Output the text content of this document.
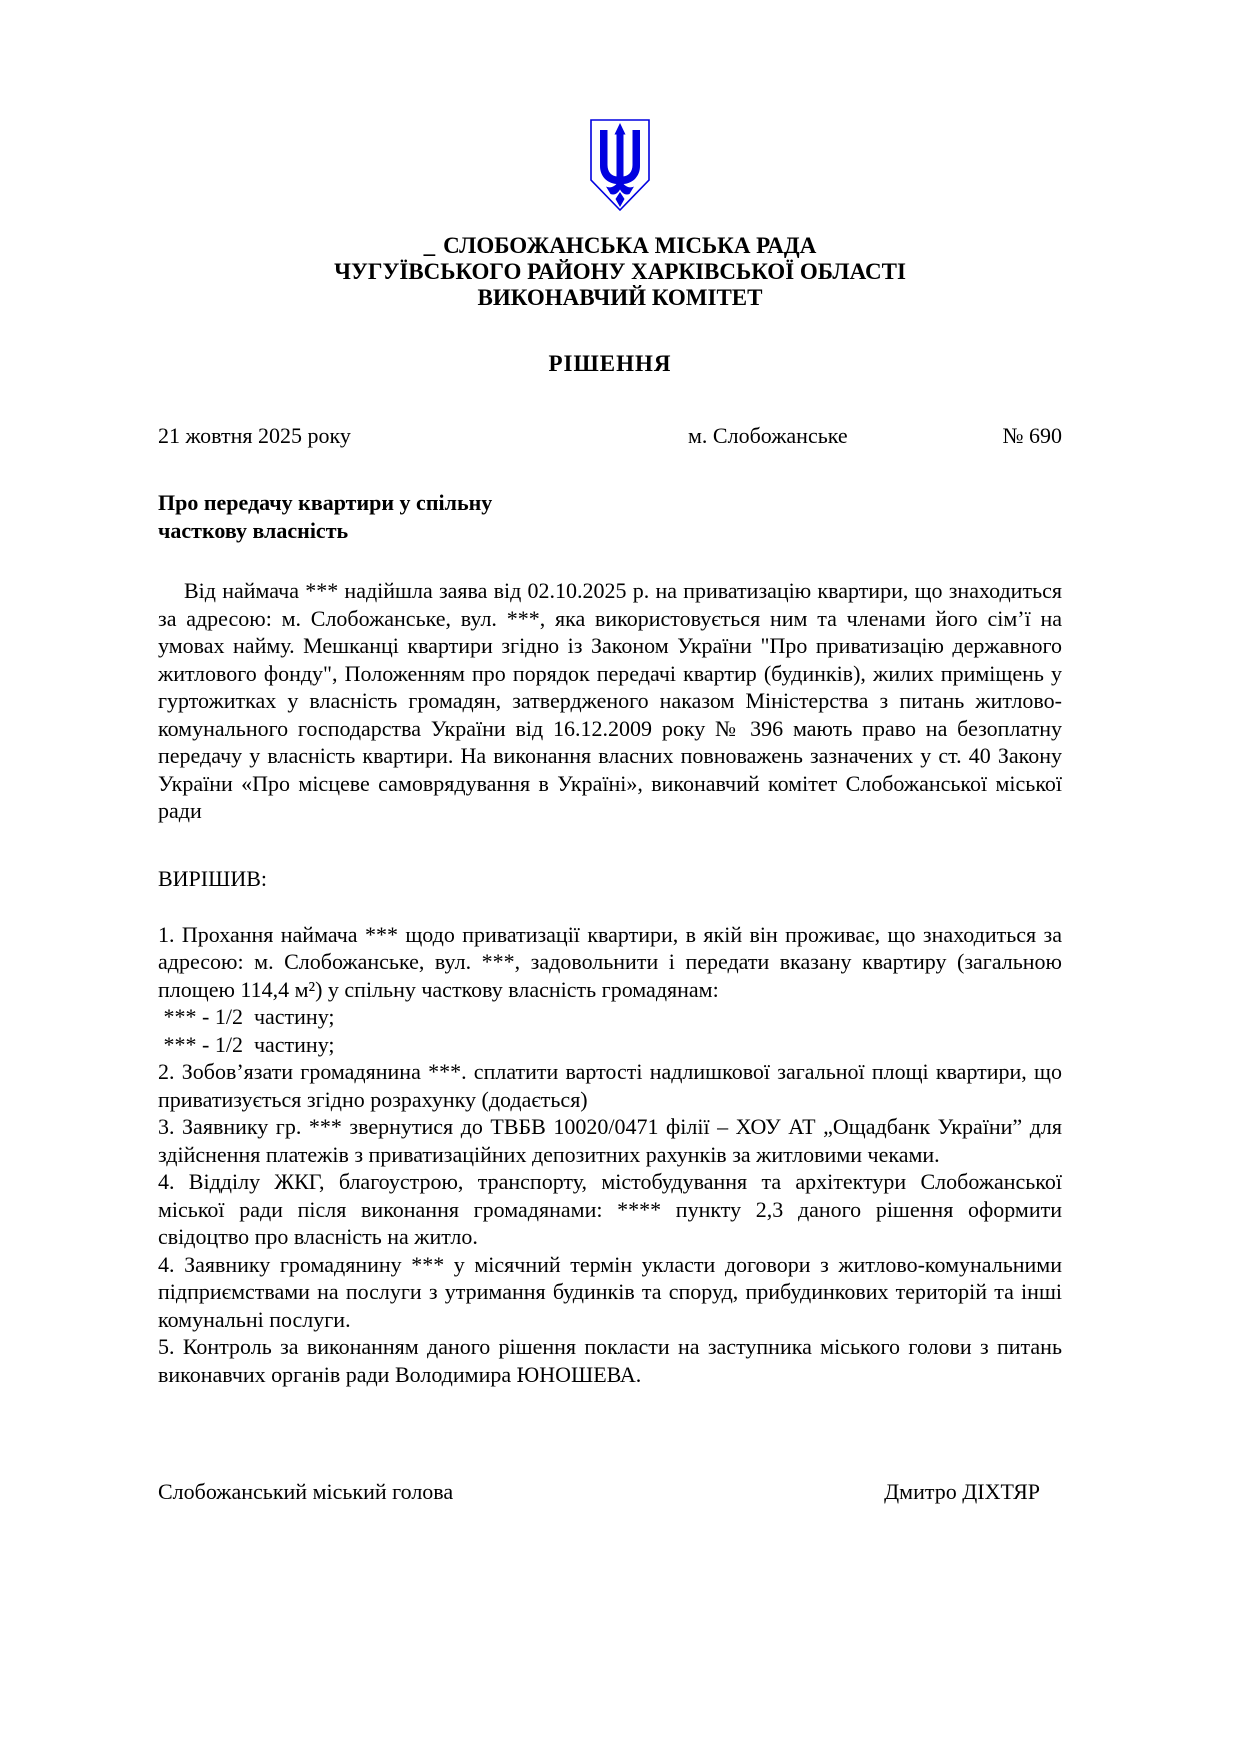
_ СЛОБОЖАНСЬКА МІСЬКА РАДА
ЧУГУЇВСЬКОГО РАЙОНУ ХАРКІВСЬКОЇ ОБЛАСТІ
ВИКОНАВЧИЙ КОМІТЕТ
РІШЕННЯ
21 жовтня 2025 року	м. Слобожанське	№ 690
Про передачу квартири у спільну
часткову власність

Від наймача *** надійшла заява від 02.10.2025 р. на приватизацію квартири, що знаходиться за адресою: м. Слобожанське, вул. ***, яка використовується ним та членами його сім’ї на умовах найму. Мешканці квартири згідно із Законом України "Про приватизацію державного житлового фонду", Положенням про порядок передачі квартир (будинків), жилих приміщень у гуртожитках у власність громадян, затвердженого наказом Міністерства з питань житлово-комунального господарства України від 16.12.2009 року № 396 мають право на безоплатну передачу у власність квартири. На виконання власних повноважень зазначених у ст. 40 Закону України «Про місцеве самоврядування в Україні», виконавчий комітет Слобожанської міської ради

ВИРІШИВ:

1. Прохання наймача *** щодо приватизації квартири, в якій він проживає, що знаходиться за адресою: м. Слобожанське, вул. ***, задовольнити і передати вказану квартиру (загальною площею 114,4 м²) у спільну часткову власність громадянам:

*** - 1/2  частину;

*** - 1/2  частину;

2. Зобов’язати громадянина ***. сплатити вартості надлишкової загальної площі квартири, що приватизується згідно розрахунку (додається)

3. Заявнику гр. *** звернутися до ТВБВ 10020/0471 філії – ХОУ АТ „Ощадбанк України” для здійснення платежів з приватизаційних депозитних рахунків за житловими чеками.

4. Відділу ЖКГ, благоустрою, транспорту, містобудування та архітектури Слобожанської міської ради після виконання громадянами: **** пункту 2,3 даного рішення оформити свідоцтво про власність на житло.

4. Заявнику громадянину *** у місячний термін укласти договори з житлово-комунальними підприємствами на послуги з утримання будинків та споруд, прибудинкових територій та інші комунальні послуги.

5. Контроль за виконанням даного рішення покласти на заступника міського голови з питань виконавчих органів ради Володимира ЮНОШЕВА.

Слобожанський міський голова	Дмитро ДІХТЯР
